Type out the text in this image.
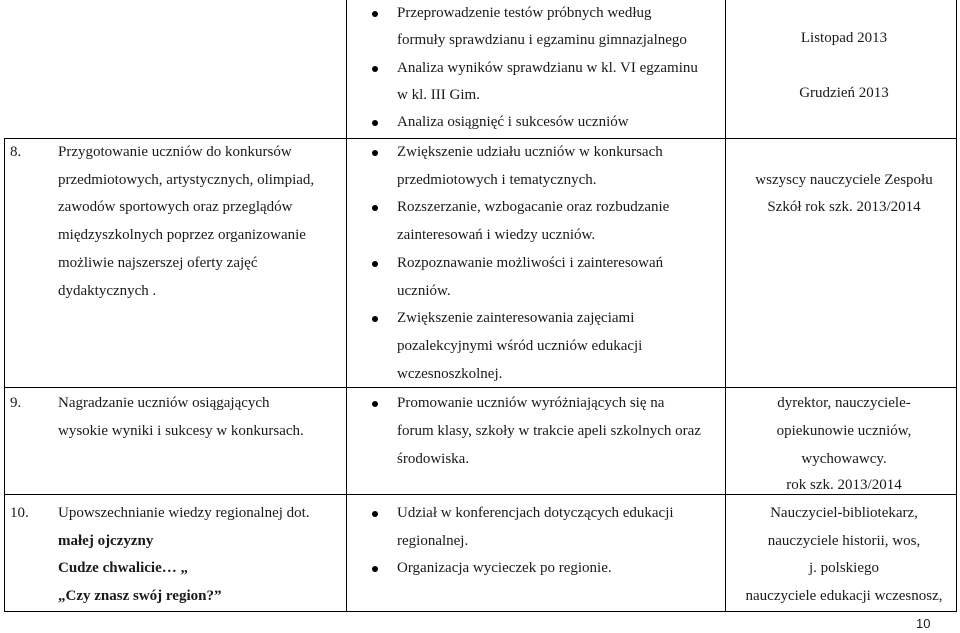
Przeprowadzenie testów próbnych według
formuły sprawdzianu i egzaminu gimnazjalnego
Analiza wyników sprawdzianu w kl. VI egzaminu
w kl. III Gim.
Analiza osiągnięć i sukcesów uczniów
Listopad 2013
Grudzień 2013
8. Przygotowanie uczniów do konkursów
przedmiotowych, artystycznych, olimpiad,
zawodów sportowych oraz przeglądów
międzyszkolnych poprzez organizowanie
możliwie najszerszej oferty zajęć
dydaktycznych .
Zwiększenie udziału uczniów w konkursach
przedmiotowych i tematycznych.
Rozszerzanie, wzbogacanie oraz rozbudzanie
zainteresowań i wiedzy uczniów.
Rozpoznawanie możliwości i zainteresowań
uczniów.
Zwiększenie zainteresowania zajęciami
pozalekcyjnymi wśród uczniów edukacji
wczesnoszkolnej.
wszyscy nauczyciele Zespołu
Szkół rok szk. 2013/2014
9. Nagradzanie uczniów osiągających
wysokie wyniki i sukcesy w konkursach.
Promowanie uczniów wyróżniających się na
forum klasy, szkoły w trakcie apeli szkolnych oraz
środowiska.
dyrektor, nauczyciele-
opiekunowie uczniów,
wychowawcy.
rok szk. 2013/2014
10. Upowszechnianie wiedzy regionalnej dot.
małej ojczyzny
Cudze chwalicie… „
„Czy znasz swój region?”
Udział w konferencjach dotyczących edukacji
regionalnej.
Organizacja wycieczek po regionie.
Nauczyciel-bibliotekarz,
nauczyciele historii, wos,
j. polskiego
nauczyciele edukacji wczesnosz,
10
